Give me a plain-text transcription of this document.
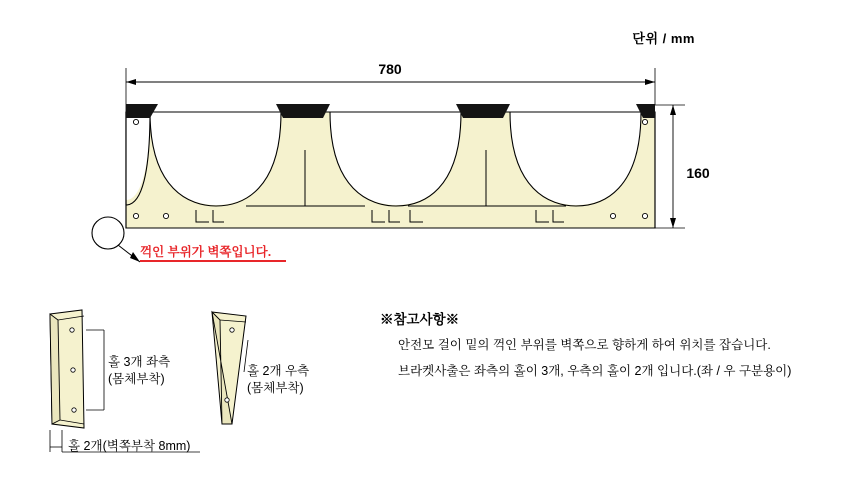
단위 / mm
780
160
꺽인 부위가 벽쪽입니다.
홀 3개 좌측
(몸체부착)
홀 2개 우측
(몸체부착)
홀 2개(벽쪽부착 8mm)
※참고사항※
안전모 걸이 밑의 꺽인 부위를 벽쪽으로 향하게 하여 위치를 잡습니다.
브라켓사출은 좌측의 홀이 3개, 우측의 홀이 2개 입니다.(좌 / 우 구분용이)
